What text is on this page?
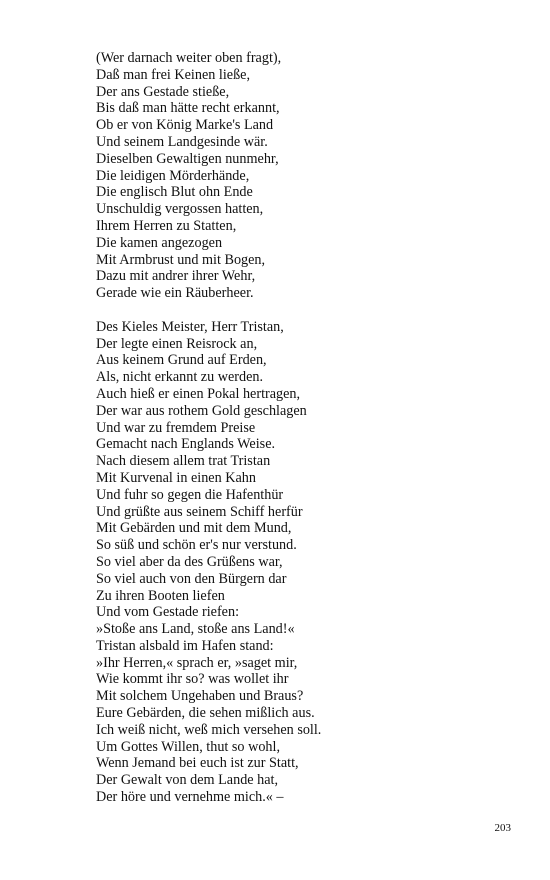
(Wer darnach weiter oben fragt),
Daß man frei Keinen ließe,
Der ans Gestade stieße,
Bis daß man hätte recht erkannt,
Ob er von König Marke's Land
Und seinem Landgesinde wär.
Dieselben Gewaltigen nunmehr,
Die leidigen Mörderhände,
Die englisch Blut ohn Ende
Unschuldig vergossen hatten,
Ihrem Herren zu Statten,
Die kamen angezogen
Mit Armbrust und mit Bogen,
Dazu mit andrer ihrer Wehr,
Gerade wie ein Räuberheer.
Des Kieles Meister, Herr Tristan,
Der legte einen Reisrock an,
Aus keinem Grund auf Erden,
Als, nicht erkannt zu werden.
Auch hieß er einen Pokal hertragen,
Der war aus rothem Gold geschlagen
Und war zu fremdem Preise
Gemacht nach Englands Weise.
Nach diesem allem trat Tristan
Mit Kurvenal in einen Kahn
Und fuhr so gegen die Hafenthür
Und grüßte aus seinem Schiff herfür
Mit Gebärden und mit dem Mund,
So süß und schön er's nur verstund.
So viel aber da des Grüßens war,
So viel auch von den Bürgern dar
Zu ihren Booten liefen
Und vom Gestade riefen:
»Stoße ans Land, stoße ans Land!«
Tristan alsbald im Hafen stand:
»Ihr Herren,« sprach er, »saget mir,
Wie kommt ihr so? was wollet ihr
Mit solchem Ungehaben und Braus?
Eure Gebärden, die sehen mißlich aus.
Ich weiß nicht, weß mich versehen soll.
Um Gottes Willen, thut so wohl,
Wenn Jemand bei euch ist zur Statt,
Der Gewalt von dem Lande hat,
Der höre und vernehme mich.« –
203
